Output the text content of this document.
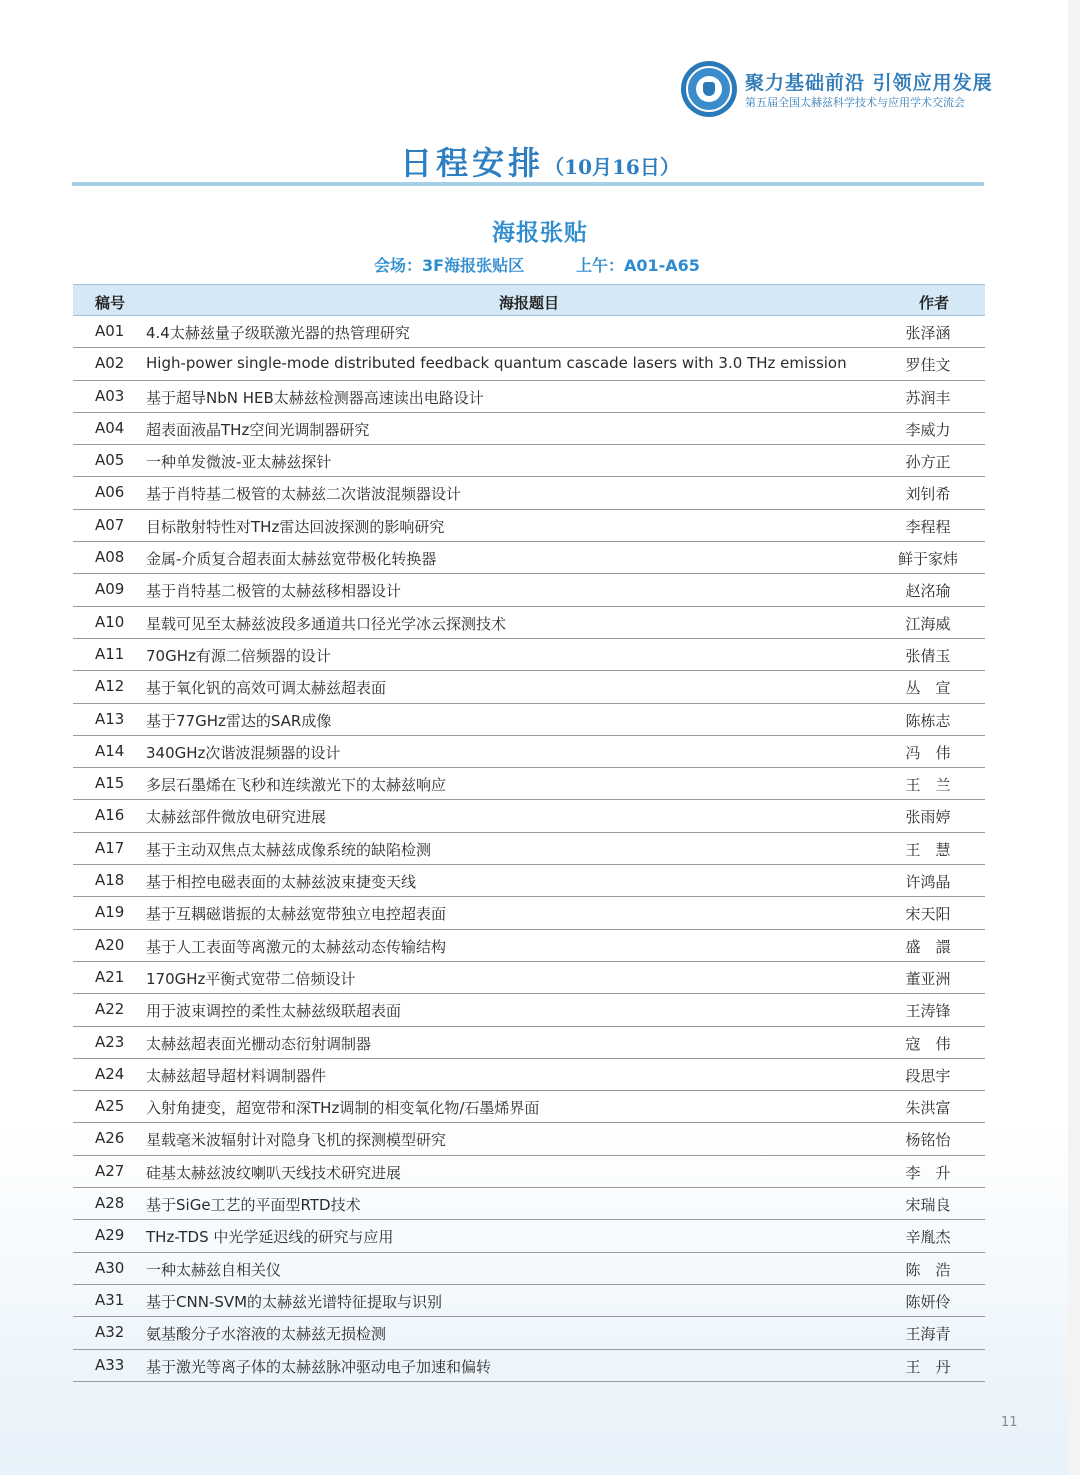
聚力基础前沿 引领应用发展
第五届全国太赫兹科学技术与应用学术交流会
日程安排（10月16日）
海报张贴
会场：3F海报张贴区	上午：A01-A65
稿号	海报题目	作者
A01 4.4太赫兹量子级联激光器的热管理研究	张泽涵
A02 High-power single-mode distributed feedback quantum cascade lasers with 3.0 THz emission	罗佳文
A03 基于超导NbN HEB太赫兹检测器高速读出电路设计	苏润丰
A04 超表面液晶THz空间光调制器研究	李威力
A05 一种单发微波-亚太赫兹探针	孙方正
A06 基于肖特基二极管的太赫兹二次谐波混频器设计	刘钊希
A07 目标散射特性对THz雷达回波探测的影响研究	李程程
A08 金属-介质复合超表面太赫兹宽带极化转换器	鲜于家炜
A09 基于肖特基二极管的太赫兹移相器设计	赵洺瑜
A10 星载可见至太赫兹波段多通道共口径光学冰云探测技术	江海威
A11 70GHz有源二倍频器的设计	张倩玉
A12 基于氧化钒的高效可调太赫兹超表面	丛　宣
A13 基于77GHz雷达的SAR成像	陈栋志
A14 340GHz次谐波混频器的设计	冯　伟
A15 多层石墨烯在飞秒和连续激光下的太赫兹响应	王　兰
A16 太赫兹部件微放电研究进展	张雨婷
A17 基于主动双焦点太赫兹成像系统的缺陷检测	王　慧
A18 基于相控电磁表面的太赫兹波束捷变天线	许鸿晶
A19 基于互耦磁谐振的太赫兹宽带独立电控超表面	宋天阳
A20 基于人工表面等离激元的太赫兹动态传输结构	盛　譞
A21 170GHz平衡式宽带二倍频设计	董亚洲
A22 用于波束调控的柔性太赫兹级联超表面	王涛锋
A23 太赫兹超表面光栅动态衍射调制器	寇　伟
A24 太赫兹超导超材料调制器件	段思宇
A25 入射角捷变，超宽带和深THz调制的相变氧化物/石墨烯界面	朱洪富
A26 星载毫米波辐射计对隐身飞机的探测模型研究	杨铭怡
A27 硅基太赫兹波纹喇叭天线技术研究进展	李　升
A28 基于SiGe工艺的平面型RTD技术	宋瑞良
A29 THz-TDS 中光学延迟线的研究与应用	辛胤杰
A30 一种太赫兹自相关仪	陈　浩
A31 基于CNN-SVM的太赫兹光谱特征提取与识别	陈妍伶
A32 氨基酸分子水溶液的太赫兹无损检测	王海青
A33 基于激光等离子体的太赫兹脉冲驱动电子加速和偏转	王　丹
11
